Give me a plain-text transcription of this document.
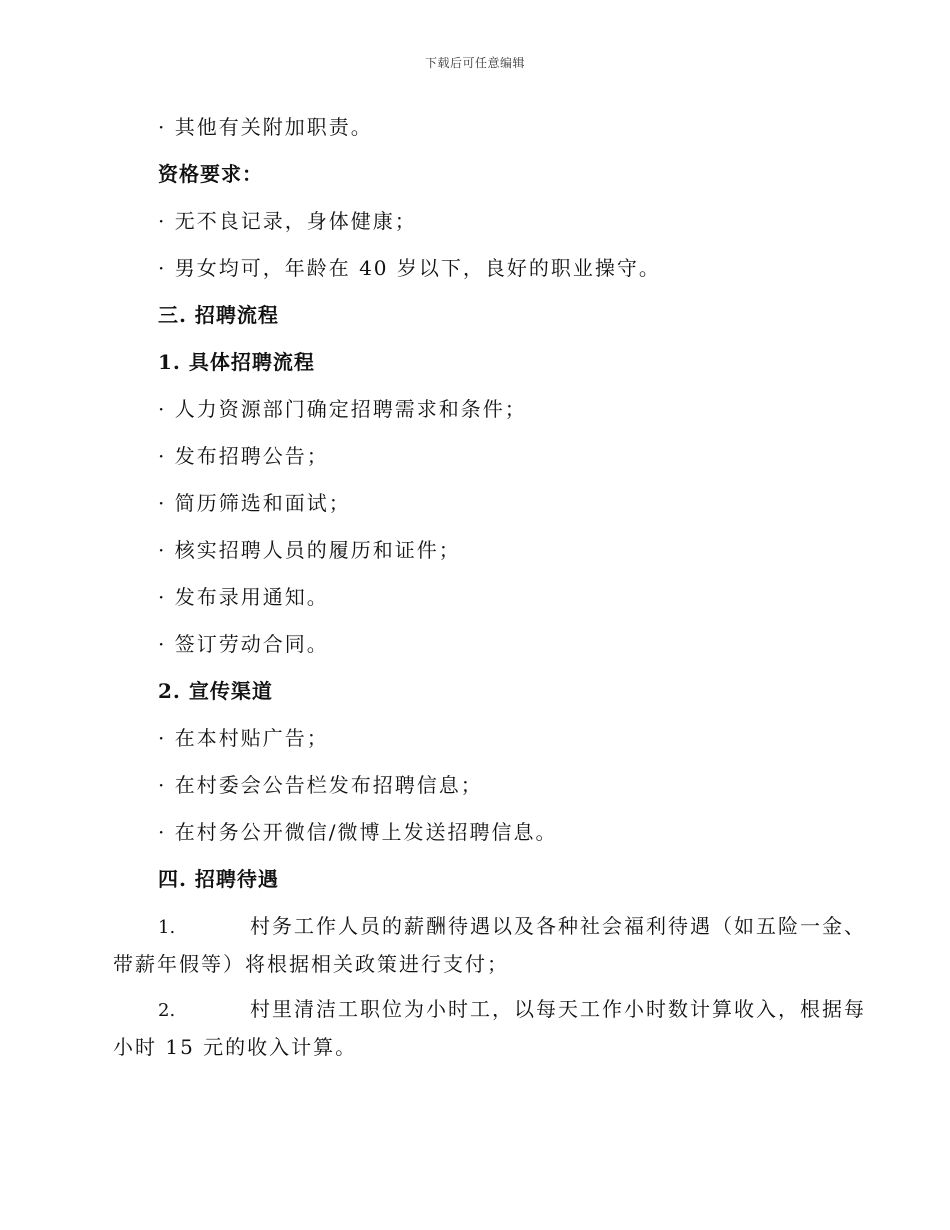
下载后可任意编辑
· 其他有关附加职责。
资格要求：
· 无不良记录，身体健康；
· 男女均可，年龄在 40 岁以下，良好的职业操守。
三. 招聘流程
1. 具体招聘流程
· 人力资源部门确定招聘需求和条件；
· 发布招聘公告；
· 简历筛选和面试；
· 核实招聘人员的履历和证件；
· 发布录用通知。
· 签订劳动合同。
2. 宣传渠道
· 在本村贴广告；
· 在村委会公告栏发布招聘信息；
· 在村务公开微信/微博上发送招聘信息。
四. 招聘待遇
1.	村务工作人员的薪酬待遇以及各种社会福利待遇（如五险一金、
带薪年假等）将根据相关政策进行支付；
2.	村里清洁工职位为小时工，以每天工作小时数计算收入，根据每
小时 15 元的收入计算。
